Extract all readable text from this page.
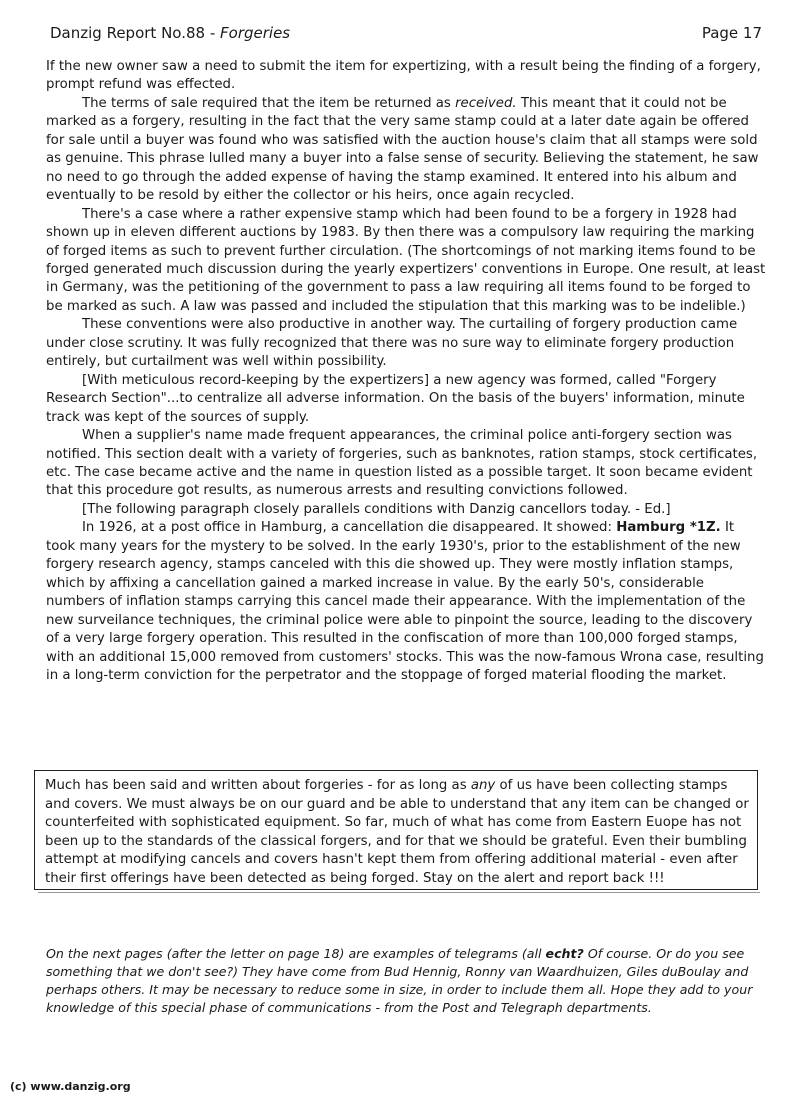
Danzig Report No.88 - Forgeries	Page 17

If the new owner saw a need to submit the item for expertizing, with a result being the finding of a forgery, prompt refund was effected.

The terms of sale required that the item be returned as received. This meant that it could not be marked as a forgery, resulting in the fact that the very same stamp could at a later date again be offered for sale until a buyer was found who was satisfied with the auction house's claim that all stamps were sold as genuine. This phrase lulled many a buyer into a false sense of security. Believing the statement, he saw no need to go through the added expense of having the stamp examined. It entered into his album and eventually to be resold by either the collector or his heirs, once again recycled.

There's a case where a rather expensive stamp which had been found to be a forgery in 1928 had shown up in eleven different auctions by 1983. By then there was a compulsory law requiring the marking of forged items as such to prevent further circulation. (The shortcomings of not marking items found to be forged generated much discussion during the yearly expertizers' conventions in Europe. One result, at least in Germany, was the petitioning of the government to pass a law requiring all items found to be forged to be marked as such. A law was passed and included the stipulation that this marking was to be indelible.)

These conventions were also productive in another way. The curtailing of forgery production came under close scrutiny. It was fully recognized that there was no sure way to eliminate forgery production entirely, but curtailment was well within possibility.

[With meticulous record-keeping by the expertizers] a new agency was formed, called "Forgery Research Section"...to centralize all adverse information. On the basis of the buyers' information, minute track was kept of the sources of supply.

When a supplier's name made frequent appearances, the criminal police anti-forgery section was notified. This section dealt with a variety of forgeries, such as banknotes, ration stamps, stock certificates, etc. The case became active and the name in question listed as a possible target. It soon became evident that this procedure got results, as numerous arrests and resulting convictions followed.

[The following paragraph closely parallels conditions with Danzig cancellors today. - Ed.]

In 1926, at a post office in Hamburg, a cancellation die disappeared. It showed: Hamburg *1Z. It took many years for the mystery to be solved. In the early 1930's, prior to the establishment of the new forgery research agency, stamps canceled with this die showed up. They were mostly inflation stamps, which by affixing a cancellation gained a marked increase in value. By the early 50's, considerable numbers of inflation stamps carrying this cancel made their appearance. With the implementation of the new surveilance techniques, the criminal police were able to pinpoint the source, leading to the discovery of a very large forgery operation. This resulted in the confiscation of more than 100,000 forged stamps, with an additional 15,000 removed from customers' stocks. This was the now-famous Wrona case, resulting in a long-term conviction for the perpetrator and the stoppage of forged material flooding the market.

Much has been said and written about forgeries - for as long as any of us have been collecting stamps and covers. We must always be on our guard and be able to understand that any item can be changed or counterfeited with sophisticated equipment. So far, much of what has come from Eastern Euope has not been up to the standards of the classical forgers, and for that we should be grateful. Even their bumbling attempt at modifying cancels and covers hasn't kept them from offering additional material - even after their first offerings have been detected as being forged. Stay on the alert and report back !!!

On the next pages (after the letter on page 18) are examples of telegrams (all echt? Of course. Or do you see something that we don't see?) They have come from Bud Hennig, Ronny van Waardhuizen, Giles duBoulay and perhaps others. It may be necessary to reduce some in size, in order to include them all. Hope they add to your knowledge of this special phase of communications - from the Post and Telegraph departments.

(c) www.danzig.org
